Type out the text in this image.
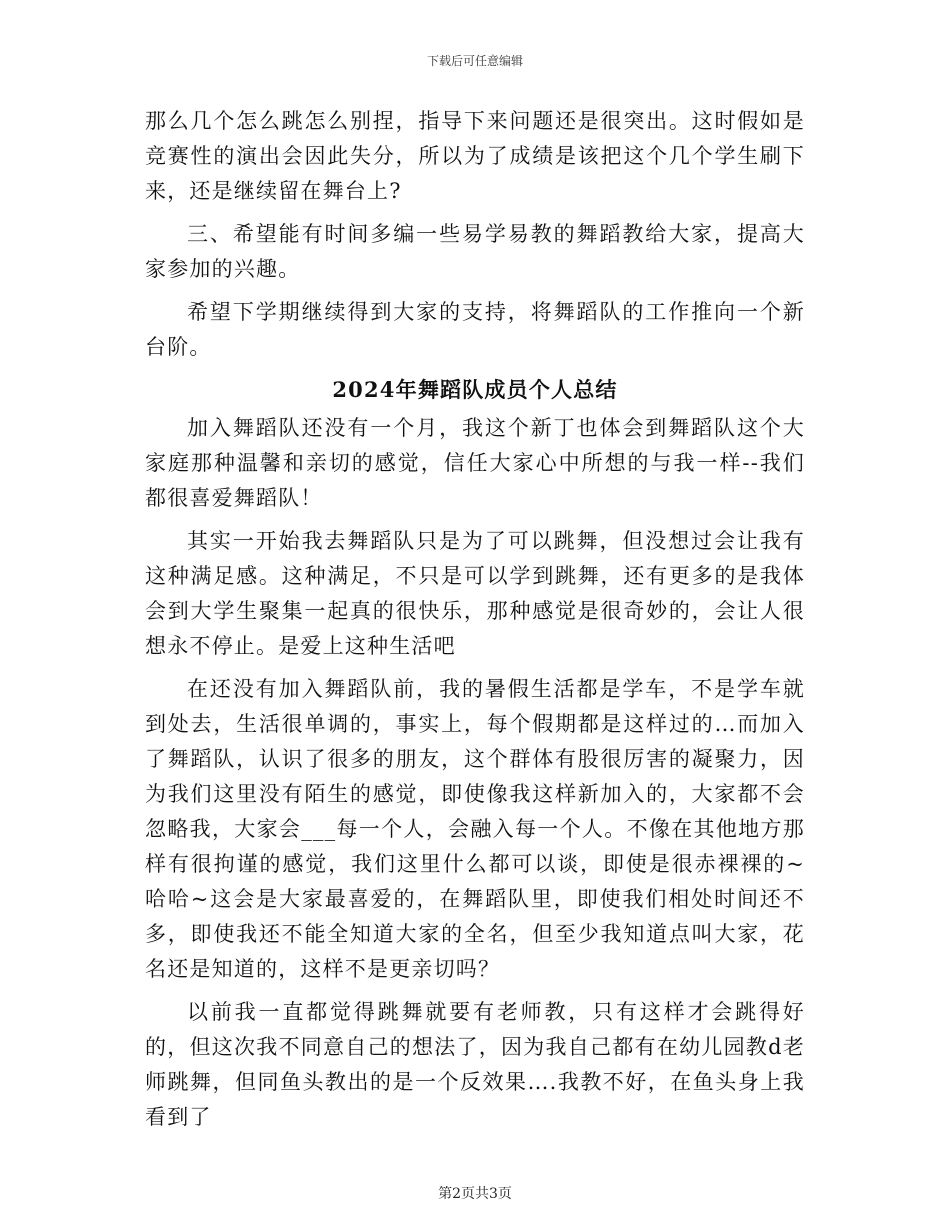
下载后可任意编辑

那么几个怎么跳怎么别捏，指导下来问题还是很突出。这时假如是竞赛性的演出会因此失分，所以为了成绩是该把这个几个学生刷下来，还是继续留在舞台上?

三、希望能有时间多编一些易学易教的舞蹈教给大家，提高大家参加的兴趣。

希望下学期继续得到大家的支持，将舞蹈队的工作推向一个新台阶。

2024年舞蹈队成员个人总结

加入舞蹈队还没有一个月，我这个新丁也体会到舞蹈队这个大家庭那种温馨和亲切的感觉，信任大家心中所想的与我一样--我们都很喜爱舞蹈队！

其实一开始我去舞蹈队只是为了可以跳舞，但没想过会让我有这种满足感。这种满足，不只是可以学到跳舞，还有更多的是我体会到大学生聚集一起真的很快乐，那种感觉是很奇妙的，会让人很想永不停止。是爱上这种生活吧

在还没有加入舞蹈队前，我的暑假生活都是学车，不是学车就到处去，生活很单调的，事实上，每个假期都是这样过的…而加入了舞蹈队，认识了很多的朋友，这个群体有股很厉害的凝聚力，因为我们这里没有陌生的感觉，即使像我这样新加入的，大家都不会忽略我，大家会___每一个人，会融入每一个人。不像在其他地方那样有很拘谨的感觉，我们这里什么都可以谈，即使是很赤裸裸的~哈哈~这会是大家最喜爱的，在舞蹈队里，即使我们相处时间还不多，即使我还不能全知道大家的全名，但至少我知道点叫大家，花名还是知道的，这样不是更亲切吗？

以前我一直都觉得跳舞就要有老师教，只有这样才会跳得好的，但这次我不同意自己的想法了，因为我自己都有在幼儿园教d老师跳舞，但同鱼头教出的是一个反效果….我教不好，在鱼头身上我看到了

第2页共3页
